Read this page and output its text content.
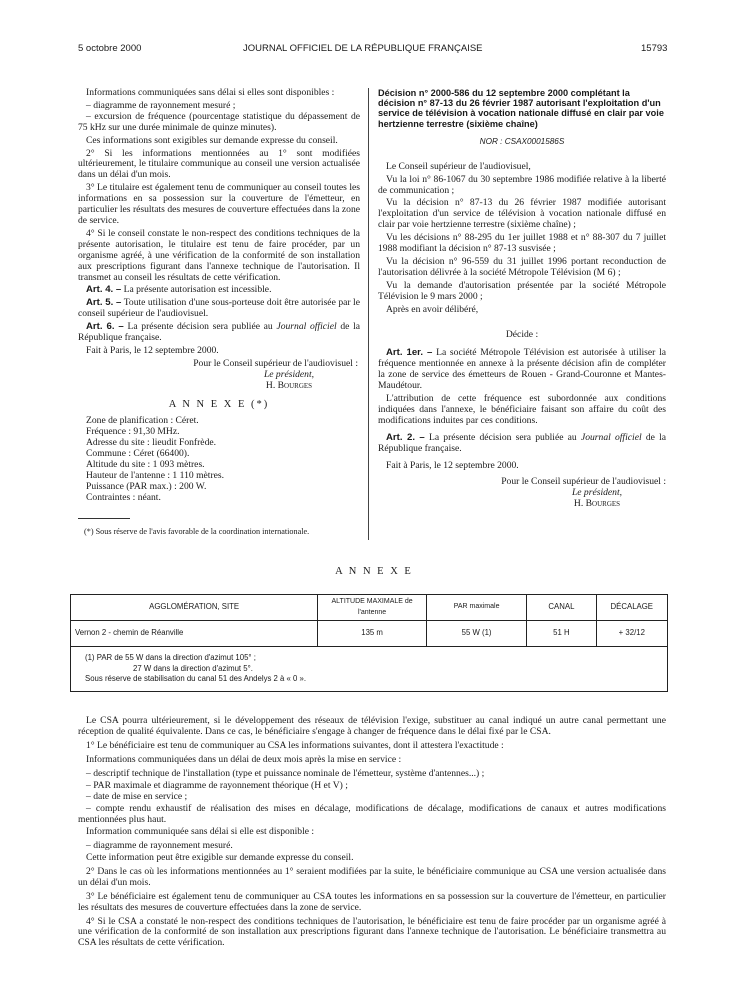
5 octobre 2000	JOURNAL OFFICIEL DE LA RÉPUBLIQUE FRANÇAISE	15793

Informations communiquées sans délai si elles sont disponibles :

– diagramme de rayonnement mesuré ;

– excursion de fréquence (pourcentage statistique du dépassement de 75 kHz sur une durée minimale de quinze minutes).

Ces informations sont exigibles sur demande expresse du conseil.

2° Si les informations mentionnées au 1° sont modifiées ultérieurement, le titulaire communique au conseil une version actualisée dans un délai d'un mois.

3° Le titulaire est également tenu de communiquer au conseil toutes les informations en sa possession sur la couverture de l'émetteur, en particulier les résultats des mesures de couverture effectuées dans la zone de service.

4° Si le conseil constate le non-respect des conditions techniques de la présente autorisation, le titulaire est tenu de faire procéder, par un organisme agréé, à une vérification de la conformité de son installation aux prescriptions figurant dans l'annexe technique de l'autorisation. Il transmet au conseil les résultats de cette vérification.

Art. 4. – La présente autorisation est incessible.

Art. 5. – Toute utilisation d'une sous-porteuse doit être autorisée par le conseil supérieur de l'audiovisuel.

Art. 6. – La présente décision sera publiée au Journal officiel de la République française.

Fait à Paris, le 12 septembre 2000.

Pour le Conseil supérieur de l'audiovisuel :

Le président,

H. Bourges

A N N E X E (*)

Zone de planification : Céret.

Fréquence : 91,30 MHz.

Adresse du site : lieudit Fonfrède.

Commune : Céret (66400).

Altitude du site : 1 093 mètres.

Hauteur de l'antenne : 1 110 mètres.

Puissance (PAR max.) : 200 W.

Contraintes : néant.

(*) Sous réserve de l'avis favorable de la coordination internationale.

Décision n° 2000-586 du 12 septembre 2000 complétant la décision n° 87-13 du 26 février 1987 autorisant l'exploitation d'un service de télévision à vocation nationale diffusé en clair par voie hertzienne terrestre (sixième chaîne)

NOR : CSAX0001586S

Le Conseil supérieur de l'audiovisuel,

Vu la loi n° 86-1067 du 30 septembre 1986 modifiée relative à la liberté de communication ;

Vu la décision n° 87-13 du 26 février 1987 modifiée autorisant l'exploitation d'un service de télévision à vocation nationale diffusé en clair par voie hertzienne terrestre (sixième chaîne) ;

Vu les décisions n° 88-295 du 1er juillet 1988 et n° 88-307 du 7 juillet 1988 modifiant la décision n° 87-13 susvisée ;

Vu la décision n° 96-559 du 31 juillet 1996 portant reconduction de l'autorisation délivrée à la société Métropole Télévision (M 6) ;

Vu la demande d'autorisation présentée par la société Métropole Télévision le 9 mars 2000 ;

Après en avoir délibéré,

Décide :

Art. 1er. – La société Métropole Télévision est autorisée à utiliser la fréquence mentionnée en annexe à la présente décision afin de compléter la zone de service des émetteurs de Rouen - Grand-Couronne et Mantes-Maudétour.

L'attribution de cette fréquence est subordonnée aux conditions indiquées dans l'annexe, le bénéficiaire faisant son affaire du coût des modifications induites par ces conditions.

Art. 2. – La présente décision sera publiée au Journal officiel de la République française.

Fait à Paris, le 12 septembre 2000.

Pour le Conseil supérieur de l'audiovisuel :

Le président,

H. Bourges

A N N E X E
AGGLOMÉRATION, SITE	ALTITUDE MAXIMALE de l'antenne	PAR maximale	CANAL	DÉCALAGE
Vernon 2 - chemin de Réanville	135 m	55 W (1)	51 H	+ 32/12

(1) PAR de 55 W dans la direction d'azimut 105° ;
27 W dans la direction d'azimut 5°.
Sous réserve de stabilisation du canal 51 des Andelys 2 à « 0 ».				

Le CSA pourra ultérieurement, si le développement des réseaux de télévision l'exige, substituer au canal indiqué un autre canal permettant une réception de qualité équivalente. Dans ce cas, le bénéficiaire s'engage à changer de fréquence dans le délai fixé par le CSA.

1° Le bénéficiaire est tenu de communiquer au CSA les informations suivantes, dont il attestera l'exactitude :

Informations communiquées dans un délai de deux mois après la mise en service :

– descriptif technique de l'installation (type et puissance nominale de l'émetteur, système d'antennes...) ;

– PAR maximale et diagramme de rayonnement théorique (H et V) ;

– date de mise en service ;

– compte rendu exhaustif de réalisation des mises en décalage, modifications de décalage, modifications de canaux et autres modifications mentionnées plus haut.

Information communiquée sans délai si elle est disponible :

– diagramme de rayonnement mesuré.

Cette information peut être exigible sur demande expresse du conseil.

2° Dans le cas où les informations mentionnées au 1° seraient modifiées par la suite, le bénéficiaire communique au CSA une version actualisée dans un délai d'un mois.

3° Le bénéficiaire est également tenu de communiquer au CSA toutes les informations en sa possession sur la couverture de l'émetteur, en particulier les résultats des mesures de couverture effectuées dans la zone de service.

4° Si le CSA a constaté le non-respect des conditions techniques de l'autorisation, le bénéficiaire est tenu de faire procéder par un organisme agréé à une vérification de la conformité de son installation aux prescriptions figurant dans l'annexe technique de l'autorisation. Le bénéficiaire transmettra au CSA les résultats de cette vérification.
